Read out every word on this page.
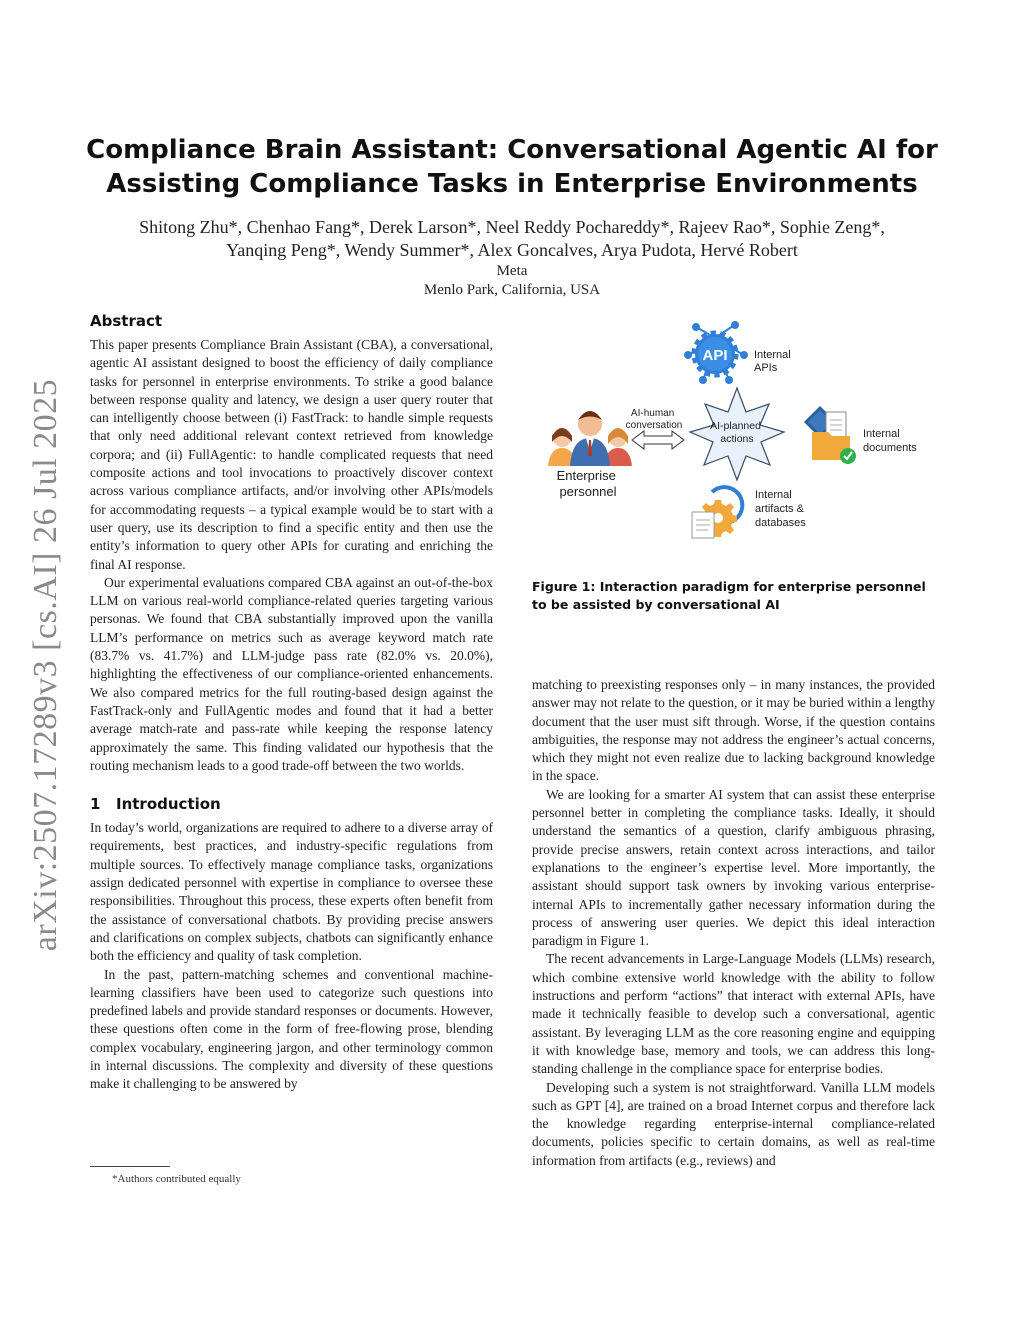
arXiv:2507.17289v3 [cs.AI] 26 Jul 2025
Compliance Brain Assistant: Conversational Agentic AI for Assisting Compliance Tasks in Enterprise Environments
Shitong Zhu*, Chenhao Fang*, Derek Larson*, Neel Reddy Pochareddy*, Rajeev Rao*, Sophie Zeng*,
Yanqing Peng*, Wendy Summer*, Alex Goncalves, Arya Pudota, Hervé Robert
Meta
Menlo Park, California, USA
Abstract

This paper presents Compliance Brain Assistant (CBA), a conversational, agentic AI assistant designed to boost the efficiency of daily compliance tasks for personnel in enterprise environments. To strike a good balance between response quality and latency, we design a user query router that can intelligently choose between (i) FastTrack: to handle simple requests that only need additional relevant context retrieved from knowledge corpora; and (ii) FullAgentic: to handle complicated requests that need composite actions and tool invocations to proactively discover context across various compliance artifacts, and/or involving other APIs/models for accommodating requests – a typical example would be to start with a user query, use its description to find a specific entity and then use the entity’s information to query other APIs for curating and enriching the final AI response.

Our experimental evaluations compared CBA against an out-of-the-box LLM on various real-world compliance-related queries targeting various personas. We found that CBA substantially improved upon the vanilla LLM’s performance on metrics such as average keyword match rate (83.7% vs. 41.7%) and LLM-judge pass rate (82.0% vs. 20.0%), highlighting the effectiveness of our compliance-oriented enhancements. We also compared metrics for the full routing-based design against the FastTrack-only and FullAgentic modes and found that it had a better average match-rate and pass-rate while keeping the response latency approximately the same. This finding validated our hypothesis that the routing mechanism leads to a good trade-off between the two worlds.

1 Introduction

In today’s world, organizations are required to adhere to a diverse array of requirements, best practices, and industry-specific regulations from multiple sources. To effectively manage compliance tasks, organizations assign dedicated personnel with expertise in compliance to oversee these responsibilities. Throughout this process, these experts often benefit from the assistance of conversational chatbots. By providing precise answers and clarifications on complex subjects, chatbots can significantly enhance both the efficiency and quality of task completion.

In the past, pattern-matching schemes and conventional machine-learning classifiers have been used to categorize such questions into predefined labels and provide standard responses or documents. However, these questions often come in the form of free-flowing prose, blending complex vocabulary, engineering jargon, and other terminology common in internal discussions. The complexity and diversity of these questions make it challenging to be answered by

API Internal APIs
AI-planned actions
AI-human conversation
Enterprise personnel
Internal documents
Internal artifacts & databases
Figure 1: Interaction paradigm for enterprise personnel to be assisted by conversational AI

matching to preexisting responses only – in many instances, the provided answer may not relate to the question, or it may be buried within a lengthy document that the user must sift through. Worse, if the question contains ambiguities, the response may not address the engineer’s actual concerns, which they might not even realize due to lacking background knowledge in the space.

We are looking for a smarter AI system that can assist these enterprise personnel better in completing the compliance tasks. Ideally, it should understand the semantics of a question, clarify ambiguous phrasing, provide precise answers, retain context across interactions, and tailor explanations to the engineer’s expertise level. More importantly, the assistant should support task owners by invoking various enterprise-internal APIs to incrementally gather necessary information during the process of answering user queries. We depict this ideal interaction paradigm in Figure 1.

The recent advancements in Large-Language Models (LLMs) research, which combine extensive world knowledge with the ability to follow instructions and perform “actions” that interact with external APIs, have made it technically feasible to develop such a conversational, agentic assistant. By leveraging LLM as the core reasoning engine and equipping it with knowledge base, memory and tools, we can address this long-standing challenge in the compliance space for enterprise bodies.

Developing such a system is not straightforward. Vanilla LLM models such as GPT [4], are trained on a broad Internet corpus and therefore lack the knowledge regarding enterprise-internal compliance-related documents, policies specific to certain domains, as well as real-time information from artifacts (e.g., reviews) and

*Authors contributed equally
